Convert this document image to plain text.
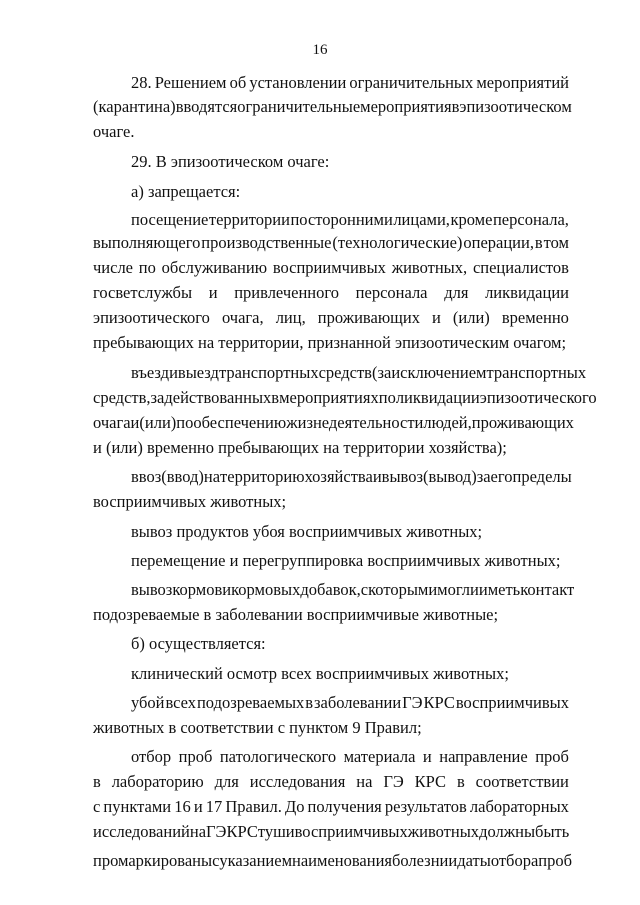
16
28. Решением об установлении ограничительных мероприятий
(карантина) вводятся ограничительные мероприятия в эпизоотическом
очаге.
29. В эпизоотическом очаге:
а) запрещается:
посещение территории посторонними лицами, кроме персонала,
выполняющего производственные (технологические) операции, в том
числе по обслуживанию восприимчивых животных, специалистов
госветслужбы и привлеченного персонала для ликвидации
эпизоотического очага, лиц, проживающих и (или) временно
пребывающих на территории, признанной эпизоотическим очагом;
въезд и выезд транспортных средств (за исключением транспортных
средств, задействованных в мероприятиях по ликвидации эпизоотического
очага и (или) по обеспечению жизнедеятельности людей, проживающих
и (или) временно пребывающих на территории хозяйства);
ввоз (ввод) на территорию хозяйства и вывоз (вывод) за его пределы
восприимчивых животных;
вывоз продуктов убоя восприимчивых животных;
перемещение и перегруппировка восприимчивых животных;
вывоз кормов и кормовых добавок, с которыми могли иметь контакт
подозреваемые в заболевании восприимчивые животные;
б) осуществляется:
клинический осмотр всех восприимчивых животных;
убой всех подозреваемых в заболевании ГЭ КРС восприимчивых
животных в соответствии с пунктом 9 Правил;
отбор проб патологического материала и направление проб
в лабораторию для исследования на ГЭ КРС в соответствии
с пунктами 16 и 17 Правил. До получения результатов лабораторных
исследований на ГЭ КРС туши восприимчивых животных должны быть
промаркированы с указанием наименования болезни и даты отбора проб
